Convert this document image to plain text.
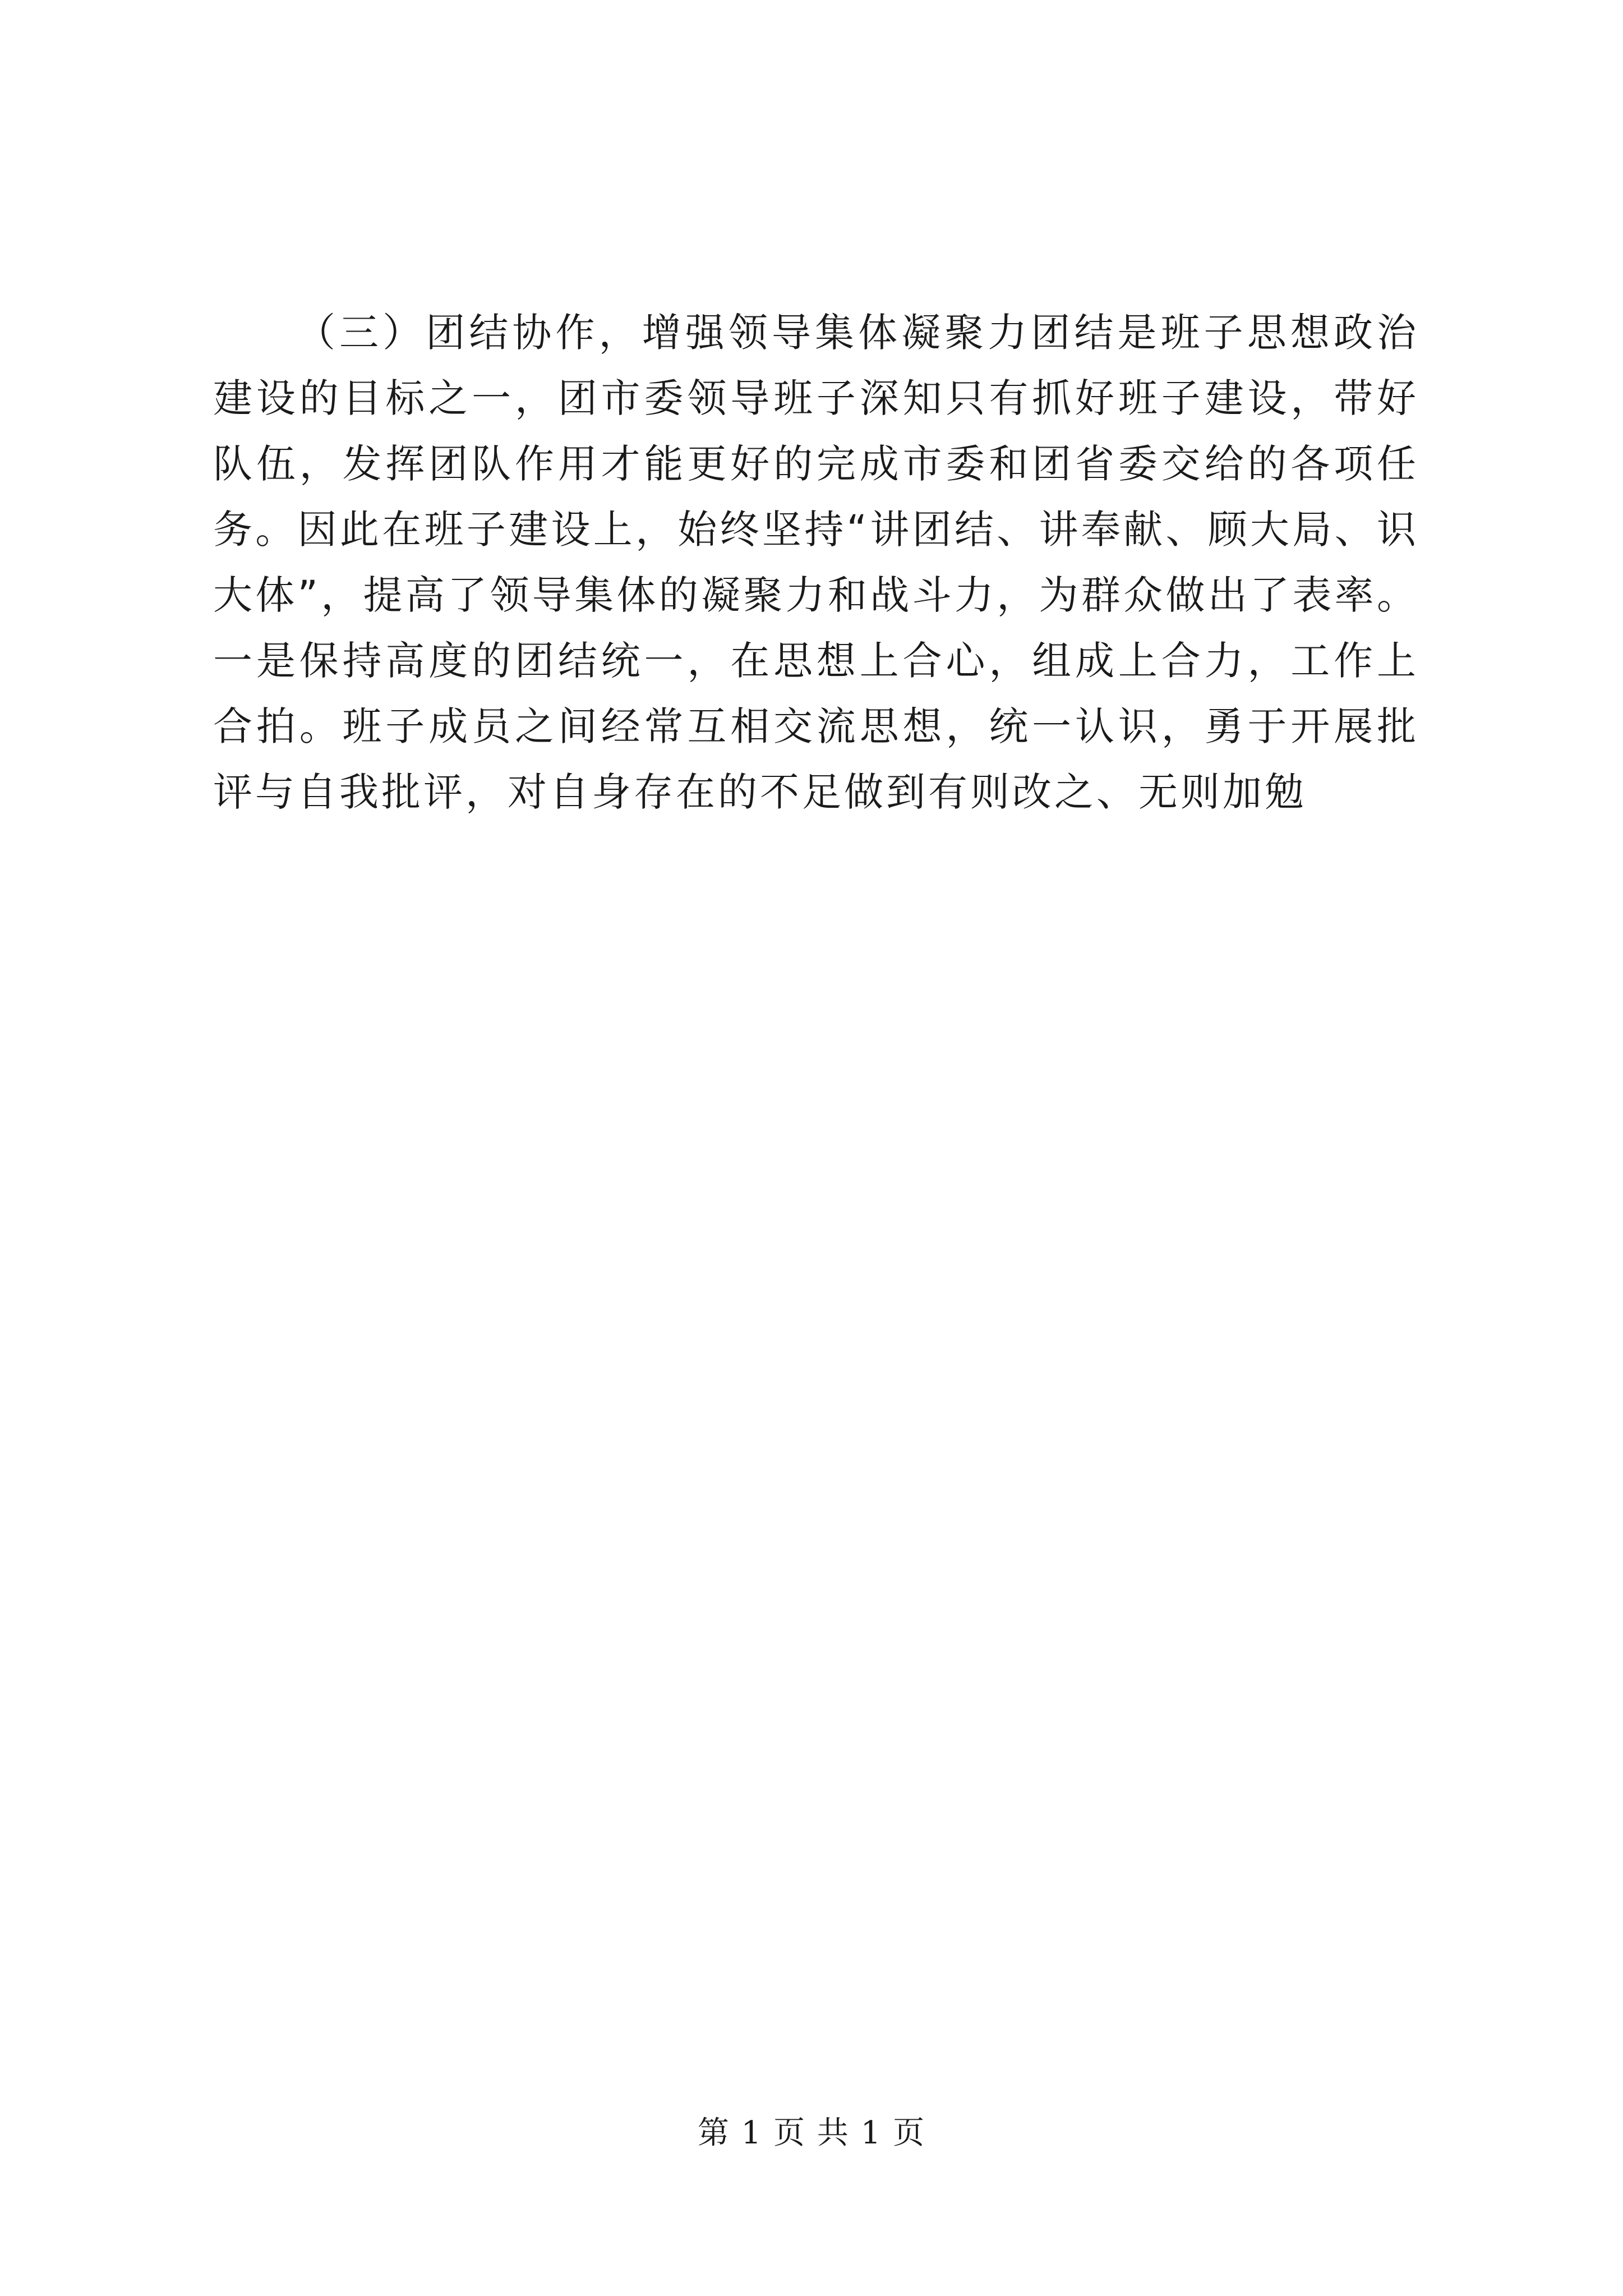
（三）团结协作，增强领导集体凝聚力团结是班子思想政治建设的目标之一，团市委领导班子深知只有抓好班子建设，带好队伍，发挥团队作用才能更好的完成市委和团省委交给的各项任务。因此在班子建设上，始终坚持“讲团结、讲奉献、顾大局、识大体”，提高了领导集体的凝聚力和战斗力，为群众做出了表率。一是保持高度的团结统一，在思想上合心，组成上合力，工作上合拍。班子成员之间经常互相交流思想，统一认识，勇于开展批评与自我批评，对自身存在的不足做到有则改之、无则加勉

第 1 页 共 1 页
